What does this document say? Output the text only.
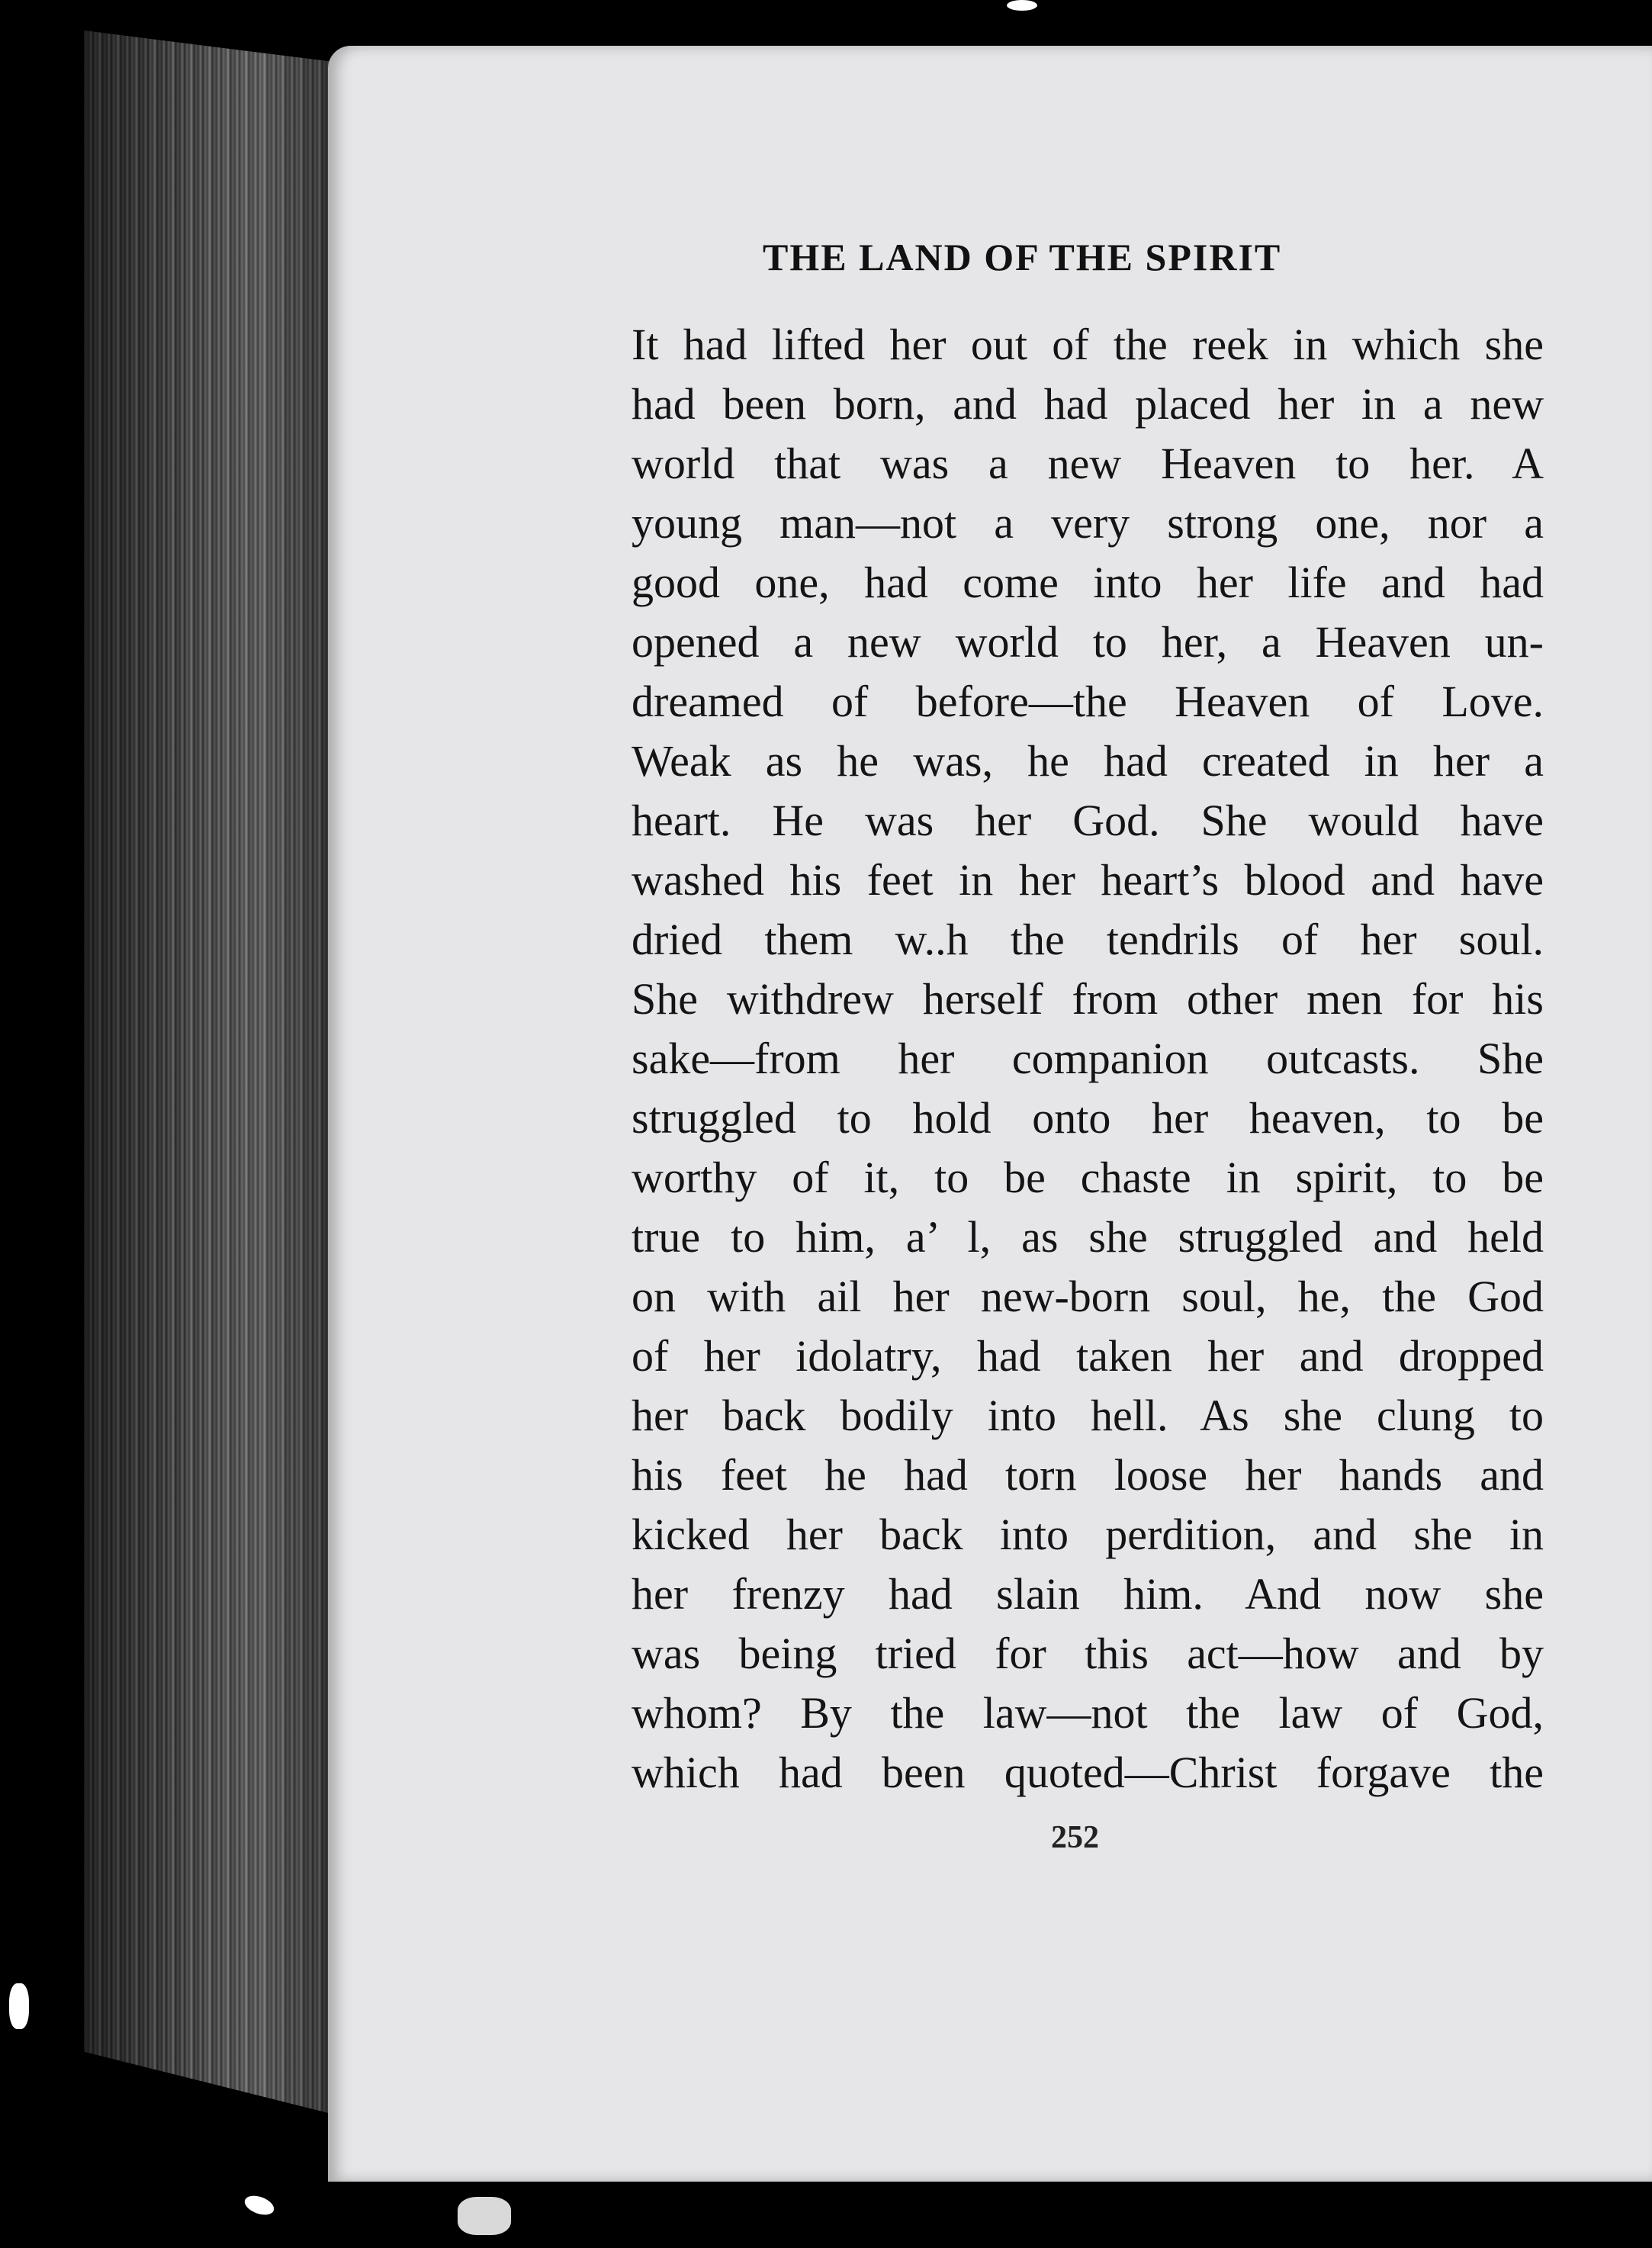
THE LAND OF THE SPIRIT
It had lifted her out of the reek in which she
had been born, and had placed her in a new
world that was a new Heaven to her. A
young man—not a very strong one, nor a
good one, had come into her life and had
opened a new world to her, a Heaven un-
dreamed of before—the Heaven of Love.
Weak as he was, he had created in her a
heart. He was her God. She would have
washed his feet in her heart’s blood and have
dried them w..h the tendrils of her soul.
She withdrew herself from other men for his
sake—from her companion outcasts. She
struggled to hold onto her heaven, to be
worthy of it, to be chaste in spirit, to be
true to him, a’ l, as she struggled and held
on with ail her new-born soul, he, the God
of her idolatry, had taken her and dropped
her back bodily into hell. As she clung to
his feet he had torn loose her hands and
kicked her back into perdition, and she in
her frenzy had slain him. And now she
was being tried for this act—how and by
whom? By the law—not the law of God,
which had been quoted—Christ forgave the
252
